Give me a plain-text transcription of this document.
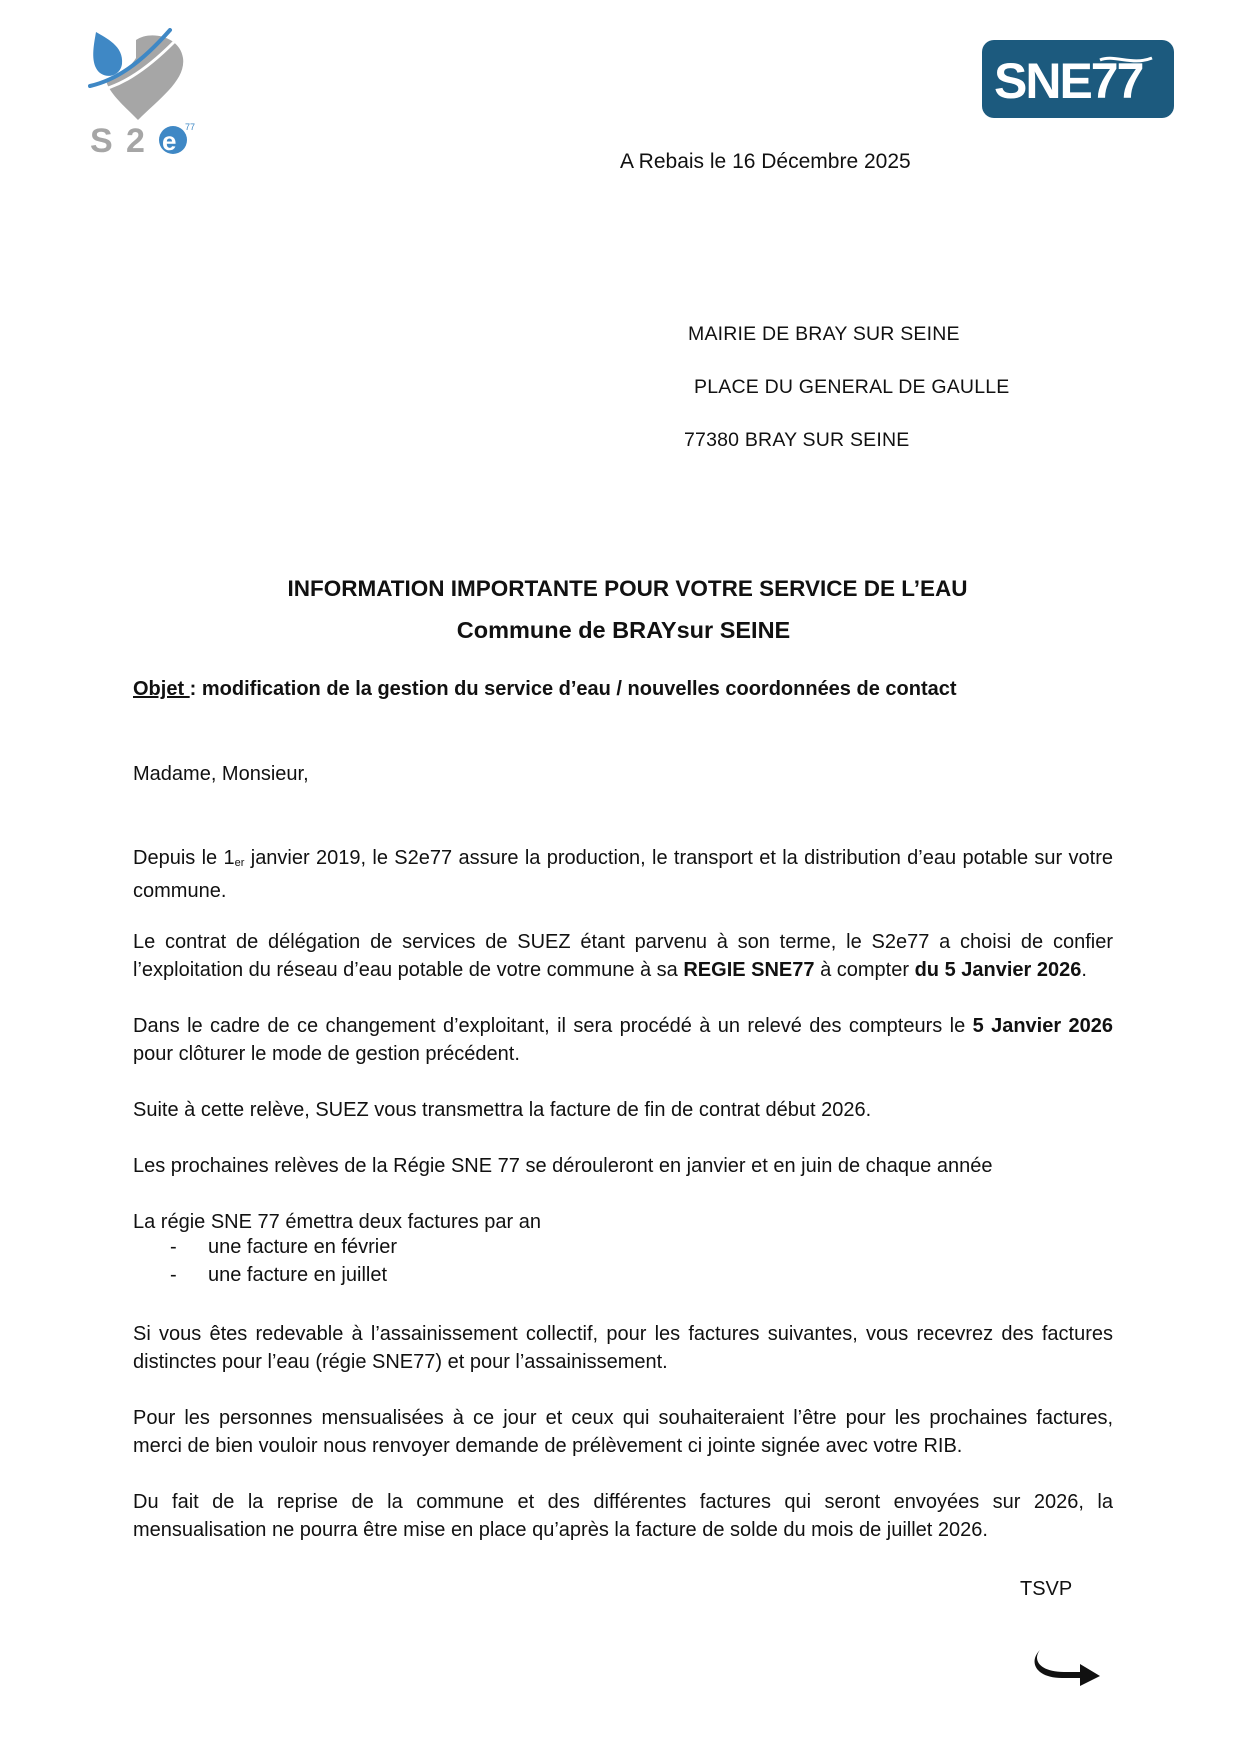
S 2 e 77
SNE77
A Rebais le 16 Décembre 2025
MAIRIE DE BRAY SUR SEINE
PLACE DU GENERAL DE GAULLE
77380 BRAY SUR SEINE
INFORMATION IMPORTANTE POUR VOTRE SERVICE DE L’EAU
Commune de BRAYsur SEINE
Objet : modification de la gestion du service d’eau / nouvelles coordonnées de contact
Madame, Monsieur,
Depuis le 1er janvier 2019, le S2e77 assure la production, le transport et la distribution d’eau potable sur votre commune.
Le contrat de délégation de services de SUEZ étant parvenu à son terme, le S2e77 a choisi de confier l’exploitation du réseau d’eau potable de votre commune à sa REGIE SNE77 à compter du 5 Janvier 2026.
Dans le cadre de ce changement d’exploitant, il sera procédé à un relevé des compteurs le 5 Janvier 2026 pour clôturer le mode de gestion précédent.
Suite à cette relève, SUEZ vous transmettra la facture de fin de contrat début 2026.
Les prochaines relèves de la Régie SNE 77 se dérouleront en janvier et en juin de chaque année
La régie SNE 77 émettra deux factures par an
- une facture en février
- une facture en juillet
Si vous êtes redevable à l’assainissement collectif, pour les factures suivantes, vous recevrez des factures distinctes pour l’eau (régie SNE77) et pour l’assainissement.
Pour les personnes mensualisées à ce jour et ceux qui souhaiteraient l’être pour les prochaines factures, merci de bien vouloir nous renvoyer demande de prélèvement ci jointe signée avec votre RIB.
Du fait de la reprise de la commune et des différentes factures qui seront envoyées sur 2026, la mensualisation ne pourra être mise en place qu’après la facture de solde du mois de juillet 2026.
TSVP
